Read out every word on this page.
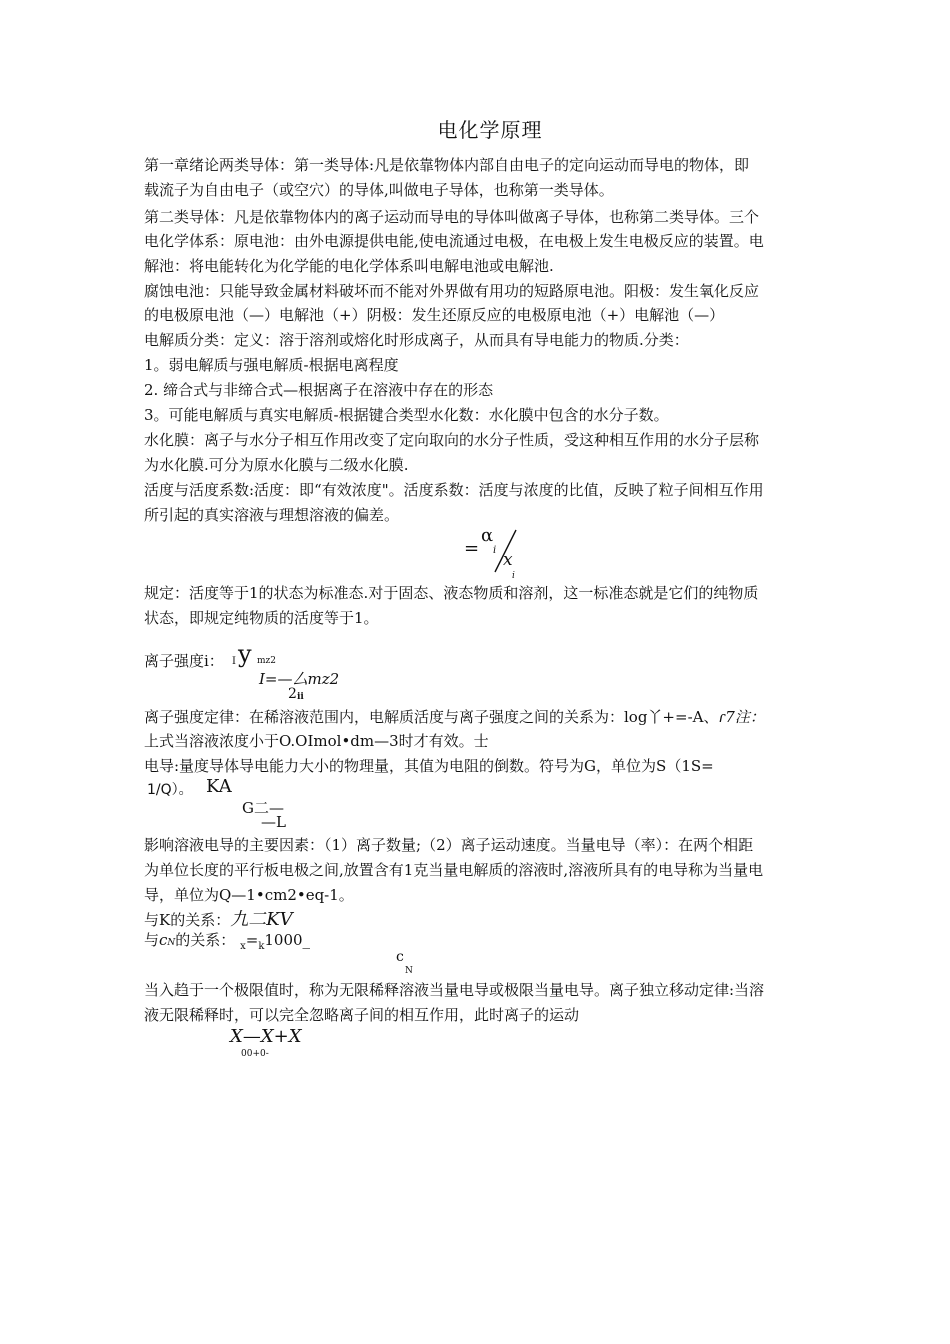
电化学原理
第一章绪论两类导体：第一类导体:凡是依靠物体内部自由电子的定向运动而导电的物体，即
载流子为自由电子（或空穴）的导体,叫做电子导体，也称第一类导体。
第二类导体：凡是依靠物体内的离子运动而导电的导体叫做离子导体，也称第二类导体。三个
电化学体系：原电池：由外电源提供电能,使电流通过电极，在电极上发生电极反应的装置。电
解池：将电能转化为化学能的电化学体系叫电解电池或电解池.
腐蚀电池：只能导致金属材料破坏而不能对外界做有用功的短路原电池。阳极：发生氧化反应
的电极原电池（—）电解池（+）阴极：发生还原反应的电极原电池（+）电解池（—）
电解质分类：定义：溶于溶剂或熔化时形成离子，从而具有导电能力的物质.分类：
1。弱电解质与强电解质-根据电离程度
2. 缔合式与非缔合式—根据离子在溶液中存在的形态
3。可能电解质与真实电解质-根据键合类型水化数：水化膜中包含的水分子数。
水化膜：离子与水分子相互作用改变了定向取向的水分子性质，受这种相互作用的水分子层称
为水化膜.可分为原水化膜与二级水化膜.
活度与活度系数:活度：即“有效浓度"。活度系数：活度与浓度的比值，反映了粒子间相互作用
所引起的真实溶液与理想溶液的偏差。
=
α
i x
i
规定：活度等于1的状态为标准态.对于固态、液态物质和溶剂，这一标准态就是它们的纯物质
状态，即规定纯物质的活度等于1。
离子强度i： I y mz2
I=—厶mz2
2 ii
离子强度定律：在稀溶液范围内，电解质活度与离子强度之间的关系为：log丫+=-A、ɾ7注：
上式当溶液浓度小于O.OImol•dm—3时才有效。士
电导:量度导体导电能力大小的物理量，其值为电阻的倒数。符号为G，单位为S（1S=
1/Q）。 KA
G二—
—L
影响溶液电导的主要因素：（1）离子数量;（2）离子运动速度。当量电导（率）：在两个相距
为单位长度的平行板电极之间,放置含有1克当量电解质的溶液时,溶液所具有的电导称为当量电
导，单位为Q—1•cm2•eq-1。
与K的关系：九二KV
与cN的关系： $_x=_k1000\_$
c
N
当入趋于一个极限值时，称为无限稀释溶液当量电导或极限当量电导。离子独立移动定律:当溶
液无限稀释时，可以完全忽略离子间的相互作用，此时离子的运动
X—X+X
00+0-
